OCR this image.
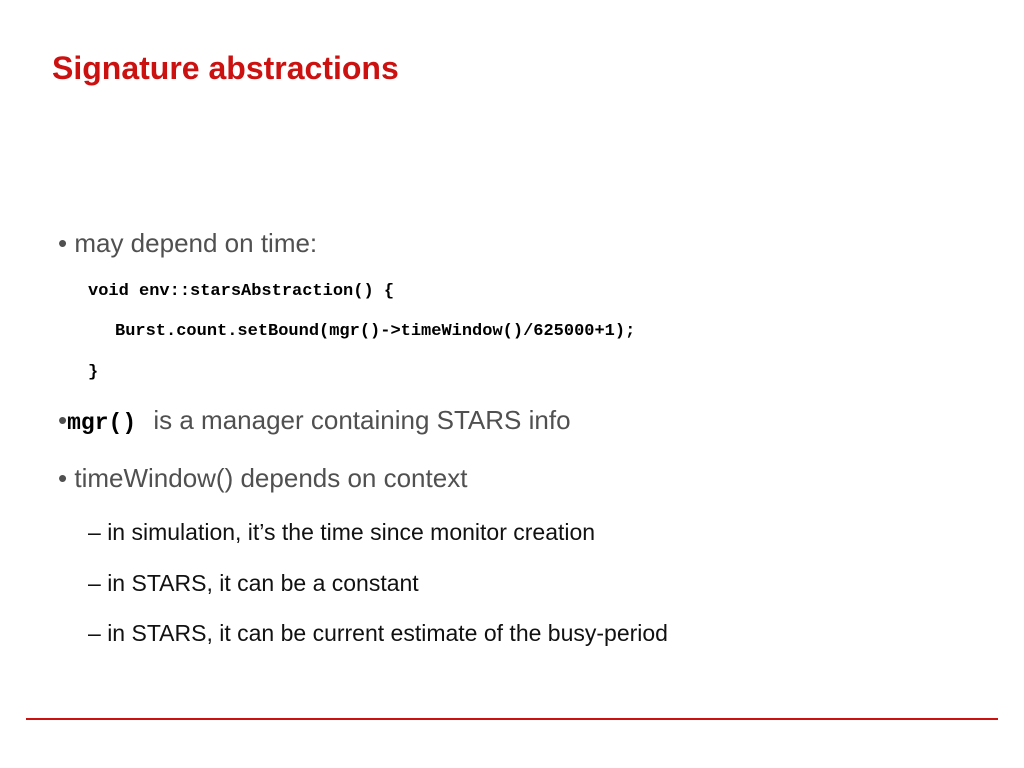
Signature abstractions
• may depend on time:
void env::starsAbstraction() {
Burst.count.setBound(mgr()->timeWindow()/625000+1);
}
•mgr() is a manager containing STARS info
• timeWindow() depends on context
– in simulation, it’s the time since monitor creation
– in STARS, it can be a constant
– in STARS, it can be current estimate of the busy-period
